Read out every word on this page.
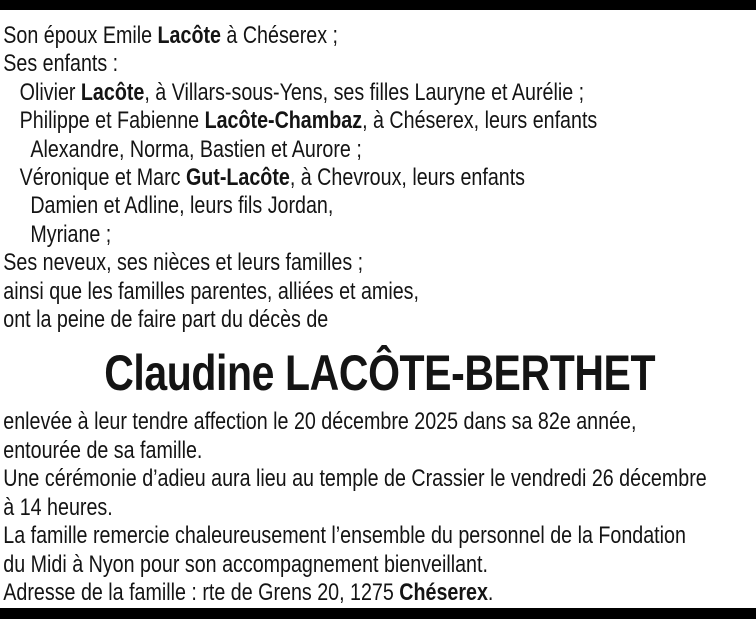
Son époux Emile Lacôte à Chéserex ;

Ses enfants :

Olivier Lacôte, à Villars-sous-Yens, ses filles Lauryne et Aurélie ;

Philippe et Fabienne Lacôte-Chambaz, à Chéserex, leurs enfants

Alexandre, Norma, Bastien et Aurore ;

Véronique et Marc Gut-Lacôte, à Chevroux, leurs enfants

Damien et Adline, leurs fils Jordan,

Myriane ;

Ses neveux, ses nièces et leurs familles ;

ainsi que les familles parentes, alliées et amies,

ont la peine de faire part du décès de

Claudine LACÔTE-BERTHET

enlevée à leur tendre affection le 20 décembre 2025 dans sa 82e année,

entourée de sa famille.

Une cérémonie d’adieu aura lieu au temple de Crassier le vendredi 26 décembre

à 14 heures.

La famille remercie chaleureusement l’ensemble du personnel de la Fondation

du Midi à Nyon pour son accompagnement bienveillant.

Adresse de la famille : rte de Grens 20, 1275 Chéserex.
